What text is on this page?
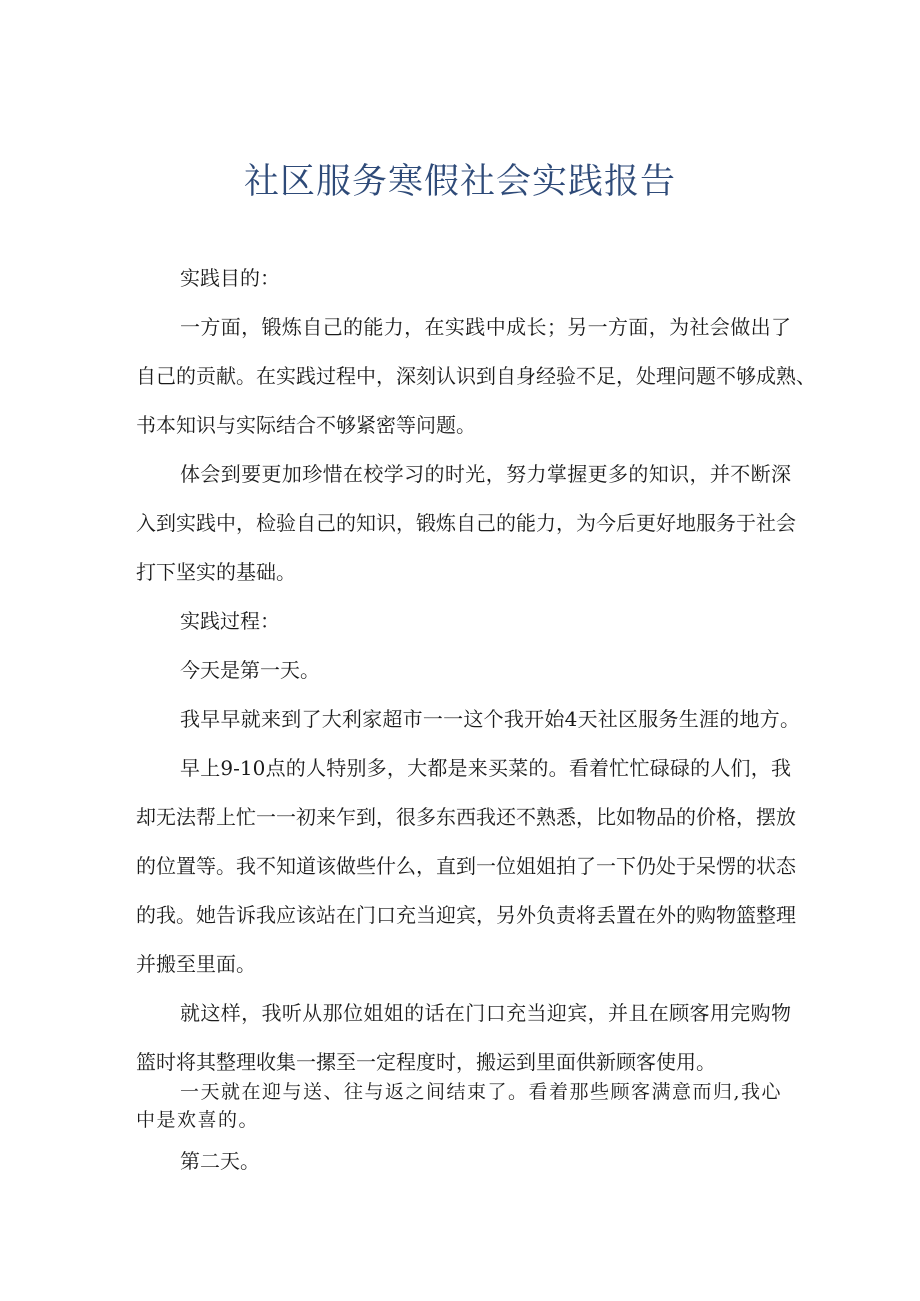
社区服务寒假社会实践报告
实践目的：
一方面，锻炼自己的能力，在实践中成长；另一方面，为社会做出了
自己的贡献。在实践过程中，深刻认识到自身经验不足，处理问题不够成熟、
书本知识与实际结合不够紧密等问题。
体会到要更加珍惜在校学习的时光，努力掌握更多的知识，并不断深
入到实践中，检验自己的知识，锻炼自己的能力，为今后更好地服务于社会
打下坚实的基础。
实践过程：
今天是第一天。
我早早就来到了大利家超市一一这个我开始4天社区服务生涯的地方。
早上9-10点的人特别多，大都是来买菜的。看着忙忙碌碌的人们，我
却无法帮上忙一一初来乍到，很多东西我还不熟悉，比如物品的价格，摆放
的位置等。我不知道该做些什么，直到一位姐姐拍了一下仍处于呆愣的状态
的我。她告诉我应该站在门口充当迎宾，另外负责将丢置在外的购物篮整理
并搬至里面。
就这样，我听从那位姐姐的话在门口充当迎宾，并且在顾客用完购物
篮时将其整理收集一摞至一定程度时，搬运到里面供新顾客使用。
一天就在迎与送、往与返之间结束了。看着那些顾客满意而归,我心
中是欢喜的。
第二天。
